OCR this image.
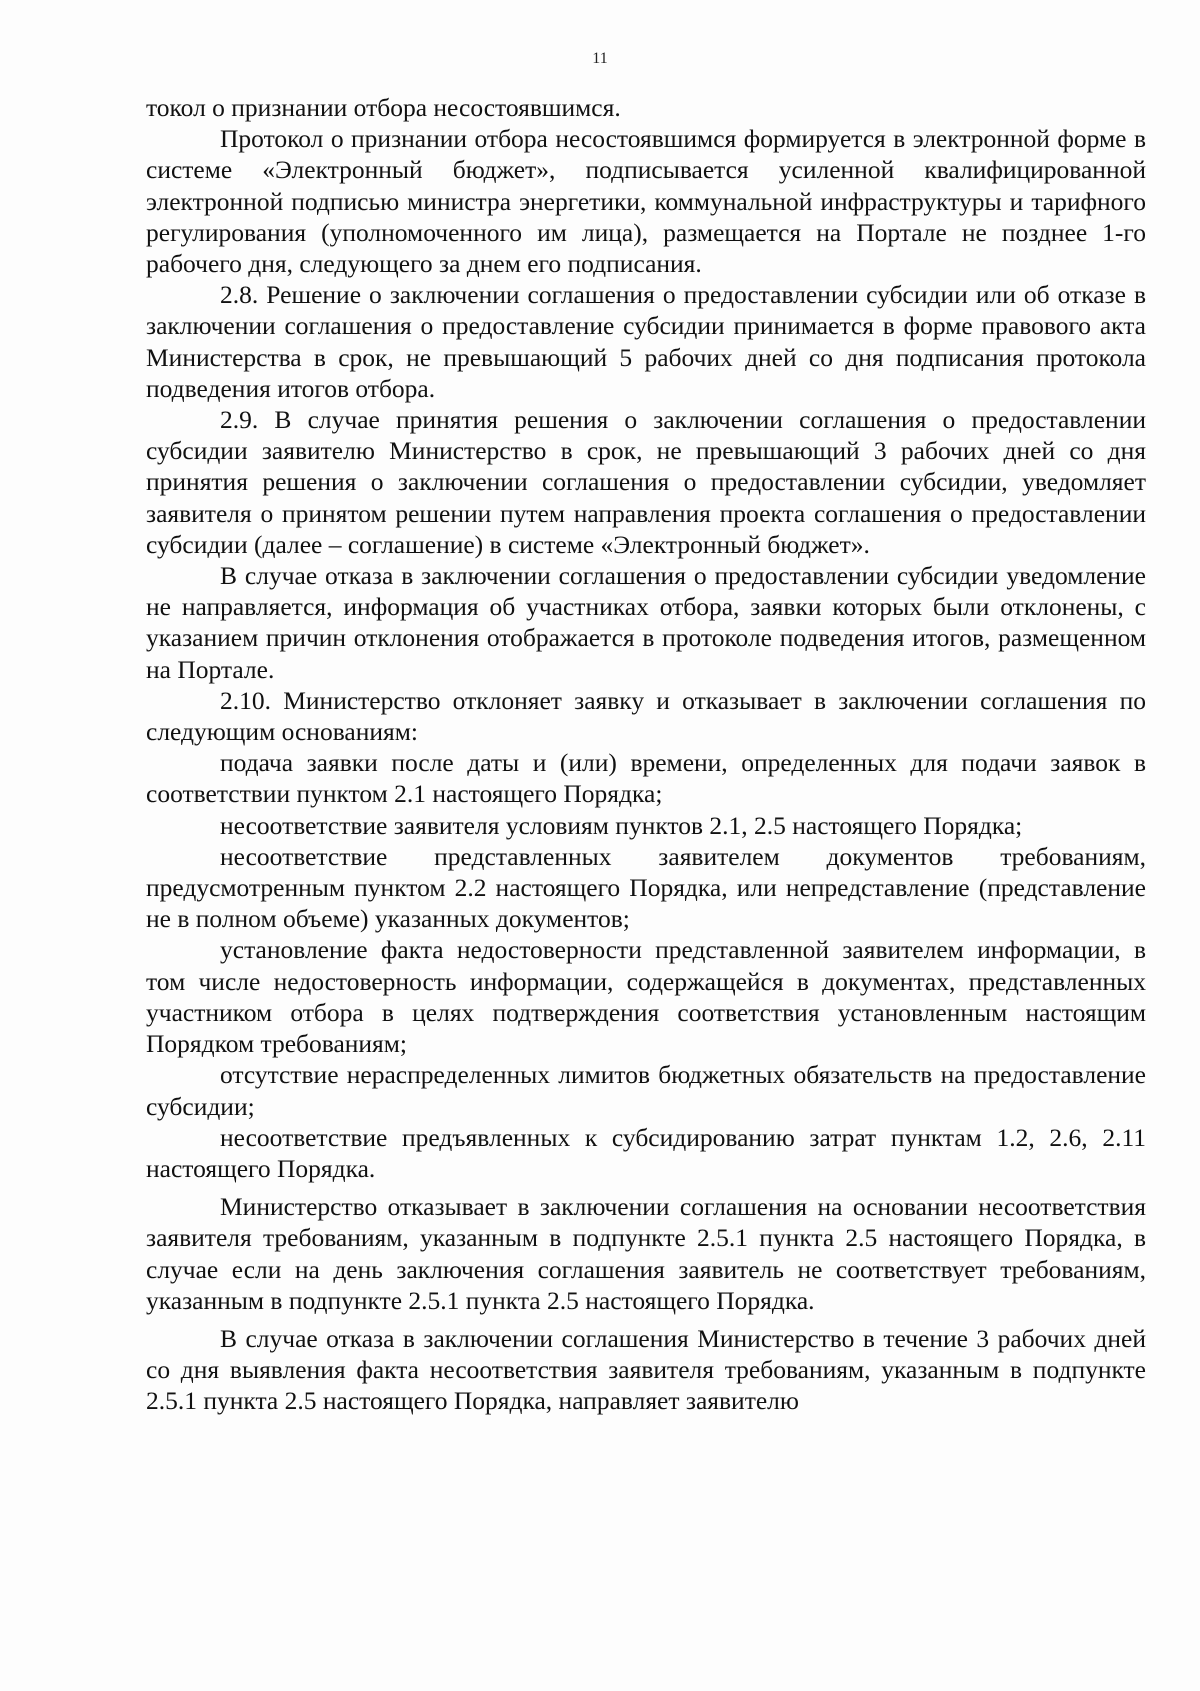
11

токол о признании отбора несостоявшимся.

Протокол о признании отбора несостоявшимся формируется в электронной форме в системе «Электронный бюджет», подписывается усиленной квалифицированной электронной подписью министра энергетики, коммунальной инфраструктуры и тарифного регулирования (уполномоченного им лица), размещается на Портале не позднее 1-го рабочего дня, следующего за днем его подписания.

2.8. Решение о заключении соглашения о предоставлении субсидии или об отказе в заключении соглашения о предоставление субсидии принимается в форме правового акта Министерства в срок, не превышающий 5 рабочих дней со дня подписания протокола подведения итогов отбора.

2.9. В случае принятия решения о заключении соглашения о предоставлении субсидии заявителю Министерство в срок, не превышающий 3 рабочих дней со дня принятия решения о заключении соглашения о предоставлении субсидии, уведомляет заявителя о принятом решении путем направления проекта соглашения о предоставлении субсидии (далее – соглашение) в системе «Электронный бюджет».

В случае отказа в заключении соглашения о предоставлении субсидии уведомление не направляется, информация об участниках отбора, заявки которых были отклонены, с указанием причин отклонения отображается в протоколе подведения итогов, размещенном на Портале.

2.10. Министерство отклоняет заявку и отказывает в заключении соглашения по следующим основаниям:

подача заявки после даты и (или) времени, определенных для подачи заявок в соответствии пунктом 2.1 настоящего Порядка;

несоответствие заявителя условиям пунктов 2.1, 2.5 настоящего Порядка;

несоответствие представленных заявителем документов требованиям, предусмотренным пунктом 2.2 настоящего Порядка, или непредставление (представление не в полном объеме) указанных документов;

установление факта недостоверности представленной заявителем информации, в том числе недостоверность информации, содержащейся в документах, представленных участником отбора в целях подтверждения соответствия установленным настоящим Порядком требованиям;

отсутствие нераспределенных лимитов бюджетных обязательств на предоставление субсидии;

несоответствие предъявленных к субсидированию затрат пунктам 1.2, 2.6, 2.11 настоящего Порядка.

Министерство отказывает в заключении соглашения на основании несоответствия заявителя требованиям, указанным в подпункте 2.5.1 пункта 2.5 настоящего Порядка, в случае если на день заключения соглашения заявитель не соответствует требованиям, указанным в подпункте 2.5.1 пункта 2.5 настоящего Порядка.

В случае отказа в заключении соглашения Министерство в течение 3 рабочих дней со дня выявления факта несоответствия заявителя требованиям, указанным в подпункте 2.5.1 пункта 2.5 настоящего Порядка, направляет заявителю
